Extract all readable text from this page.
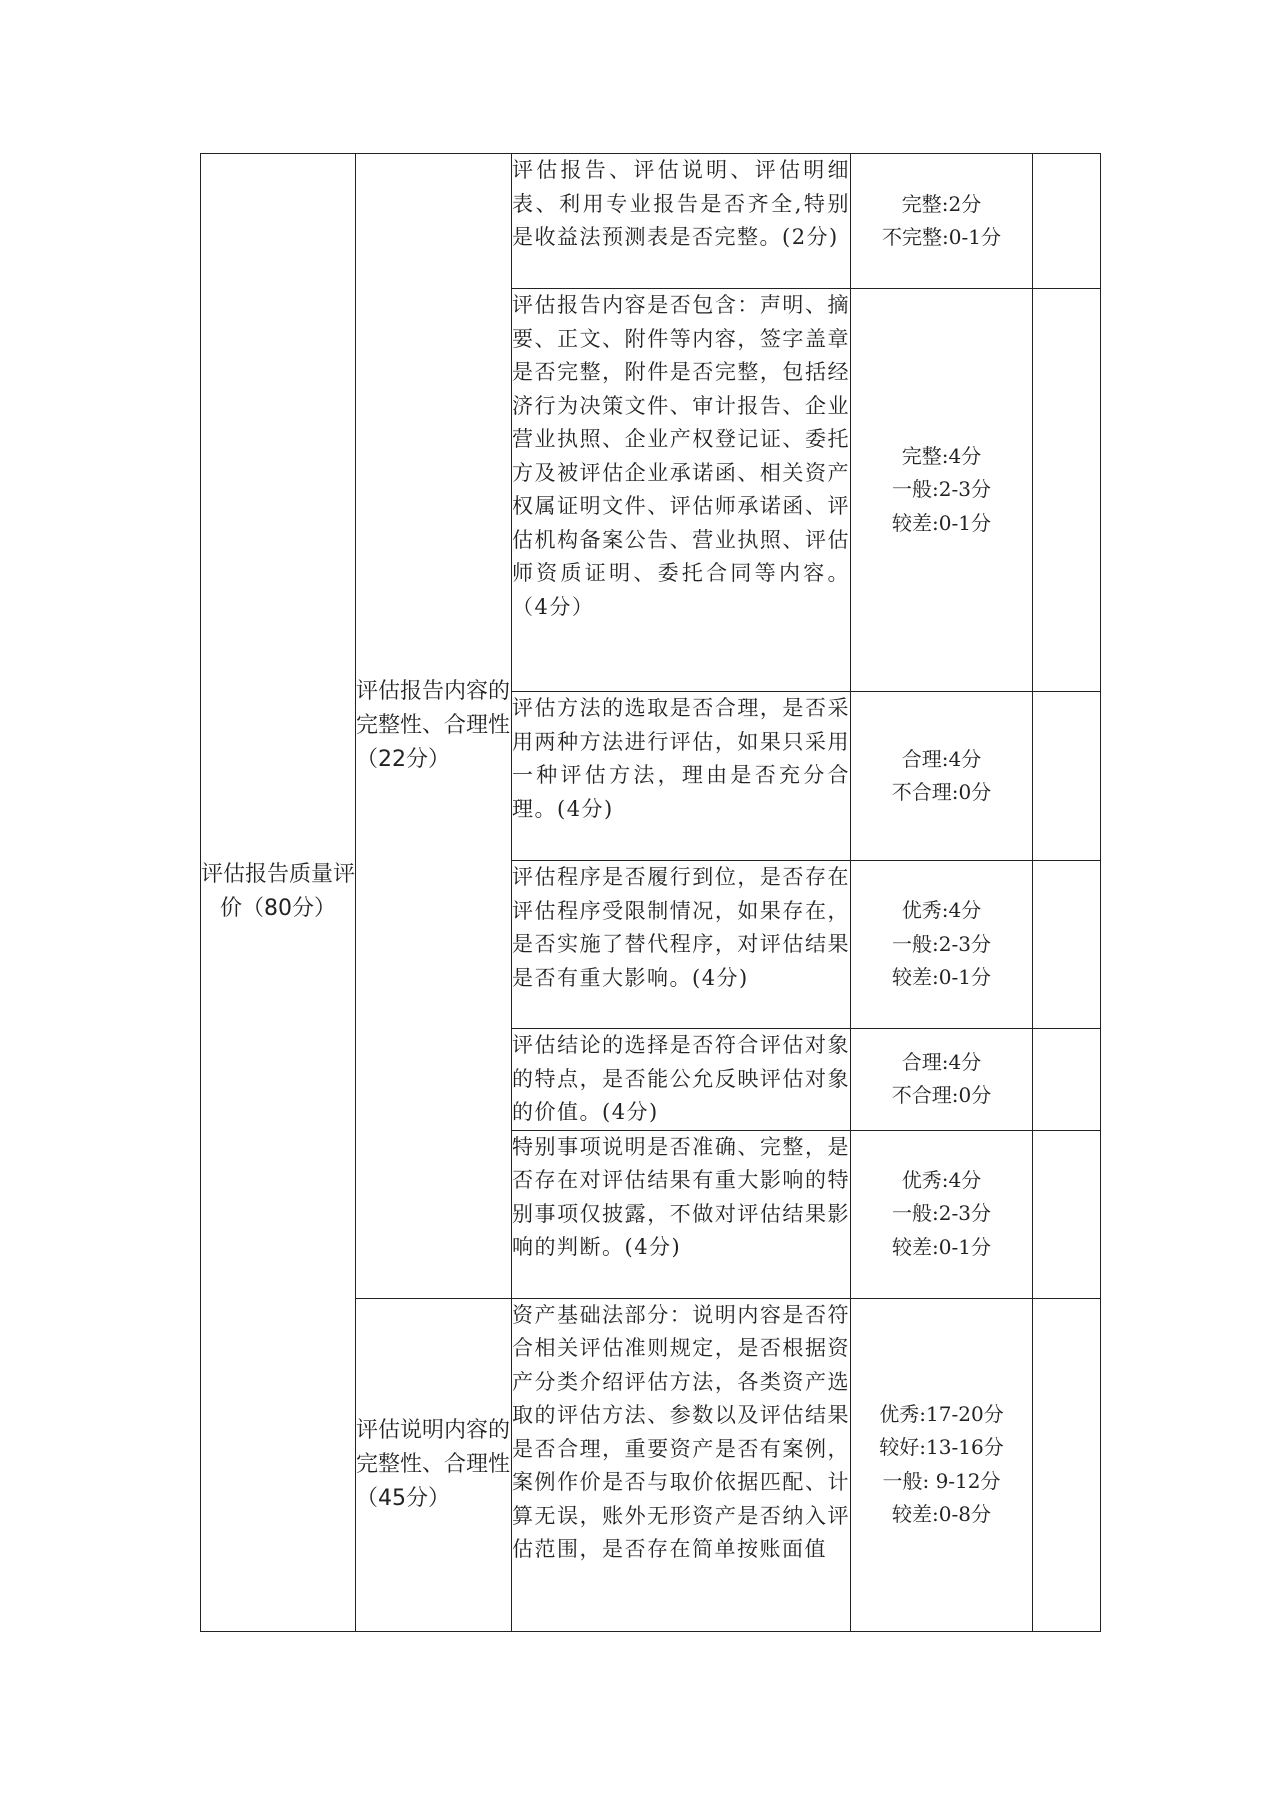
评估报告质量评价（80分）	评估报告内容的完整性、合理性（22分）	评估报告、评估说明、评估明细表、利用专业报告是否齐全,特别是收益法预测表是否完整。(2分)	完整:2分
不完整:0-1分	

		评估报告内容是否包含：声明、摘要、正文、附件等内容，签字盖章是否完整，附件是否完整，包括经济行为决策文件、审计报告、企业营业执照、企业产权登记证、委托方及被评估企业承诺函、相关资产权属证明文件、评估师承诺函、评估机构备案公告、营业执照、评估师资质证明、委托合同等内容。（4分）	完整:4分
一般:2-3分
较差:0-1分	

		评估方法的选取是否合理，是否采用两种方法进行评估，如果只采用一种评估方法，理由是否充分合理。(4分)	合理:4分
不合理:0分	

		评估程序是否履行到位，是否存在评估程序受限制情况，如果存在，是否实施了替代程序，对评估结果是否有重大影响。(4分)	优秀:4分
一般:2-3分
较差:0-1分	

		评估结论的选择是否符合评估对象的特点，是否能公允反映评估对象的价值。(4分)	合理:4分
不合理:0分	

		特别事项说明是否准确、完整，是否存在对评估结果有重大影响的特别事项仅披露，不做对评估结果影响的判断。(4分)	优秀:4分
一般:2-3分
较差:0-1分	

	评估说明内容的完整性、合理性（45分）	资产基础法部分：说明内容是否符合相关评估准则规定，是否根据资产分类介绍评估方法，各类资产选取的评估方法、参数以及评估结果是否合理，重要资产是否有案例，案例作价是否与取价依据匹配、计算无误，账外无形资产是否纳入评估范围，是否存在简单按账面值	优秀:17-20分
较好:13-16分
一般: 9-12分
较差:0-8分	
